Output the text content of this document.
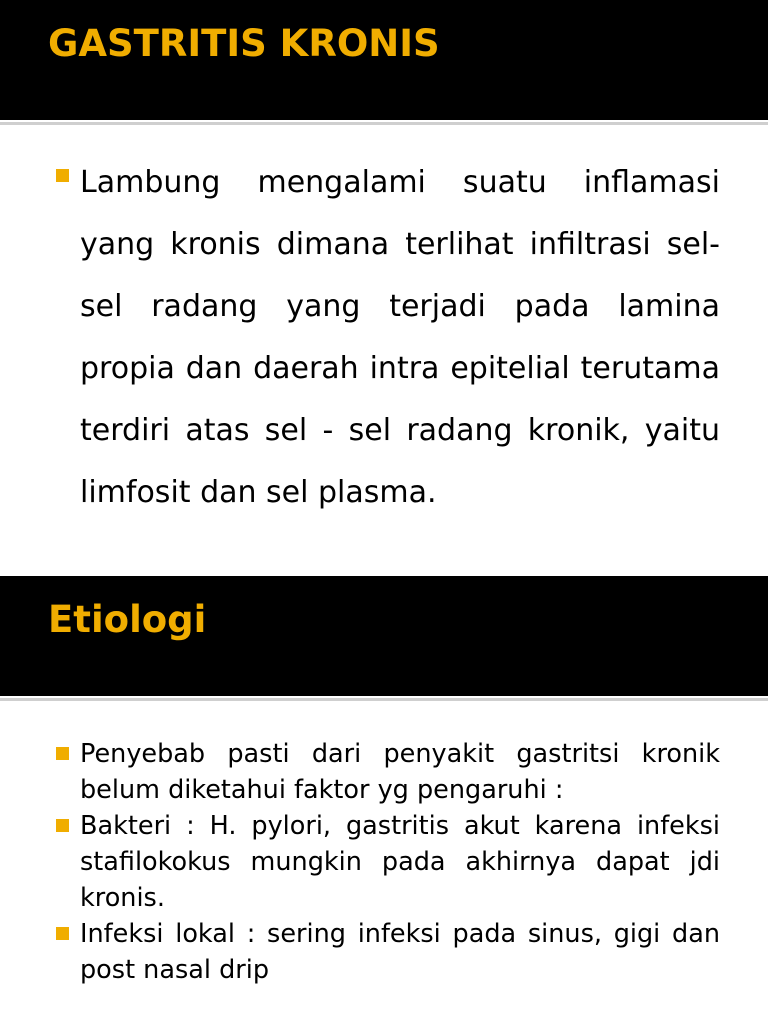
GASTRITIS KRONIS
Lambung mengalami suatu inflamasi yang kronis dimana terlihat infiltrasi sel- sel radang yang terjadi pada lamina propia dan daerah intra epitelial terutama terdiri atas sel - sel radang kronik, yaitu limfosit dan sel plasma.
Etiologi
Penyebab pasti dari penyakit gastritsi kronik belum diketahui faktor yg pengaruhi :
Bakteri : H. pylori, gastritis akut karena infeksi stafilokokus mungkin pada akhirnya dapat jdi kronis.
Infeksi lokal : sering infeksi pada sinus, gigi dan post nasal drip
